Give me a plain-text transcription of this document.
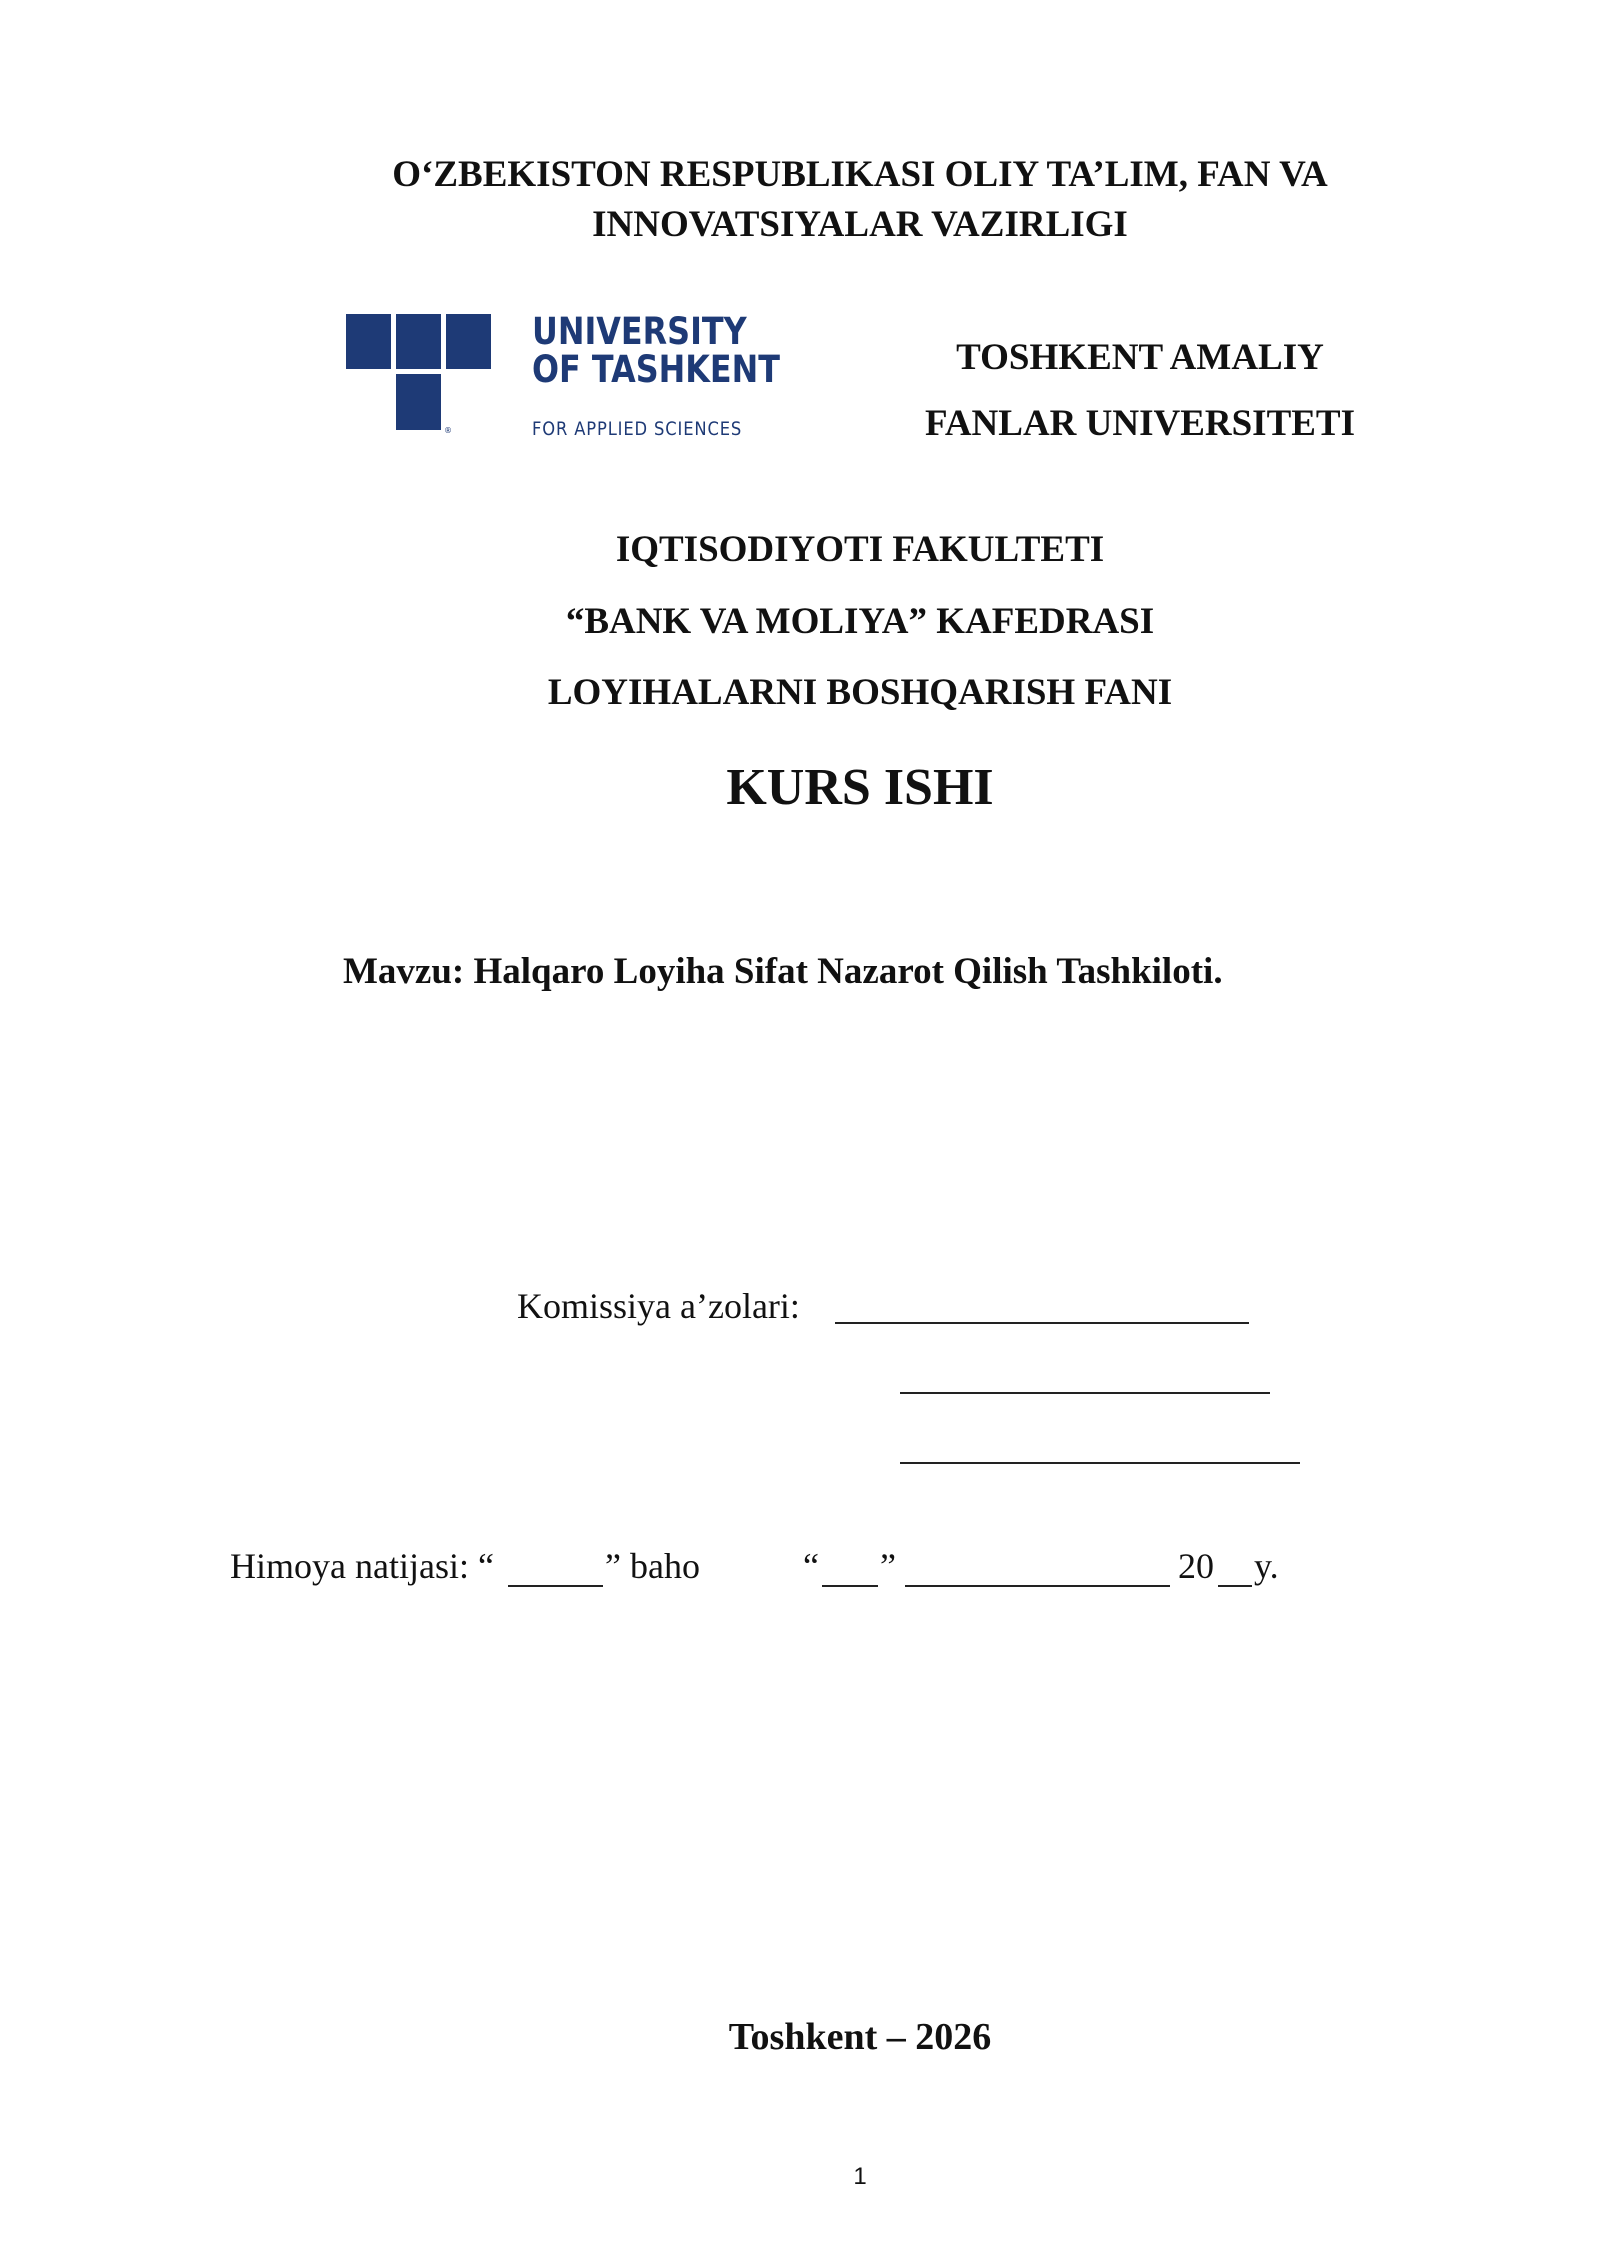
O‘ZBEKISTON RESPUBLIKASI OLIY TA’LIM, FAN VA
INNOVATSIYALAR VAZIRLIGI
®
UNIVERSITY
OF TASHKENT
FOR APPLIED SCIENCES
TOSHKENT AMALIY
FANLAR UNIVERSITETI
IQTISODIYOTI FAKULTETI
“BANK VA MOLIYA” KAFEDRASI
LOYIHALARNI BOSHQARISH FANI
KURS ISHI
Mavzu: Halqaro Loyiha Sifat Nazarot Qilish Tashkiloti.
Komissiya a’zolari:
Himoya natijasi: “	” baho	“ ”	20 y.
Toshkent – 2026
1
